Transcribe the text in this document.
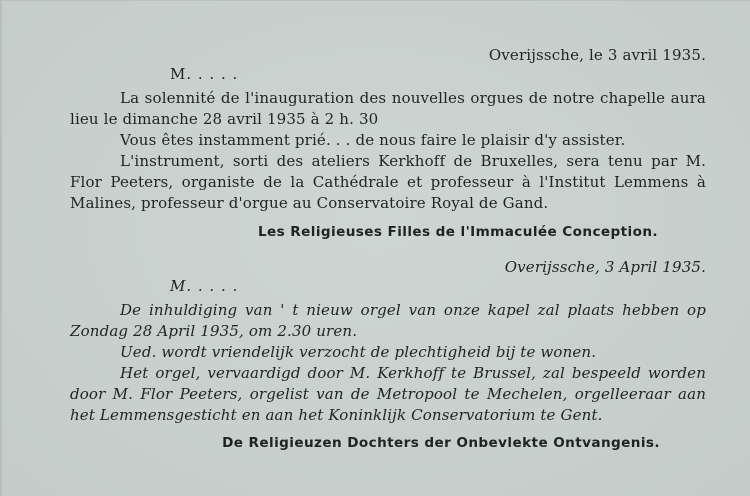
Overijssche, le 3 avril 1935.
M. . . . .

La solennité de l'inauguration des nouvelles orgues de notre chapelle aura lieu le dimanche 28 avril 1935 à 2 h. 30

Vous êtes instamment prié. . . de nous faire le plaisir d'y assister.

L'instrument, sorti des ateliers Kerkhoff de Bruxelles, sera tenu par M. Flor Peeters, organiste de la Cathédrale et professeur à l'Institut Lemmens à Malines, professeur d'orgue au Conservatoire Royal de Gand.

Les Religieuses Filles de l'Immaculée Conception.
Overijssche, 3 April 1935.
M. . . . .

De inhuldiging van ' t nieuw orgel van onze kapel zal plaats hebben op Zondag 28 April 1935, om 2.30 uren.

Ued. wordt vriendelijk verzocht de plechtigheid bij te wonen.

Het orgel, vervaardigd door M. Kerkhoff te Brussel, zal bespeeld worden door M. Flor Peeters, orgelist van de Metropool te Mechelen, orgelleeraar aan het Lemmensgesticht en aan het Koninklijk Conservatorium te Gent.

De Religieuzen Dochters der Onbevlekte Ontvangenis.
